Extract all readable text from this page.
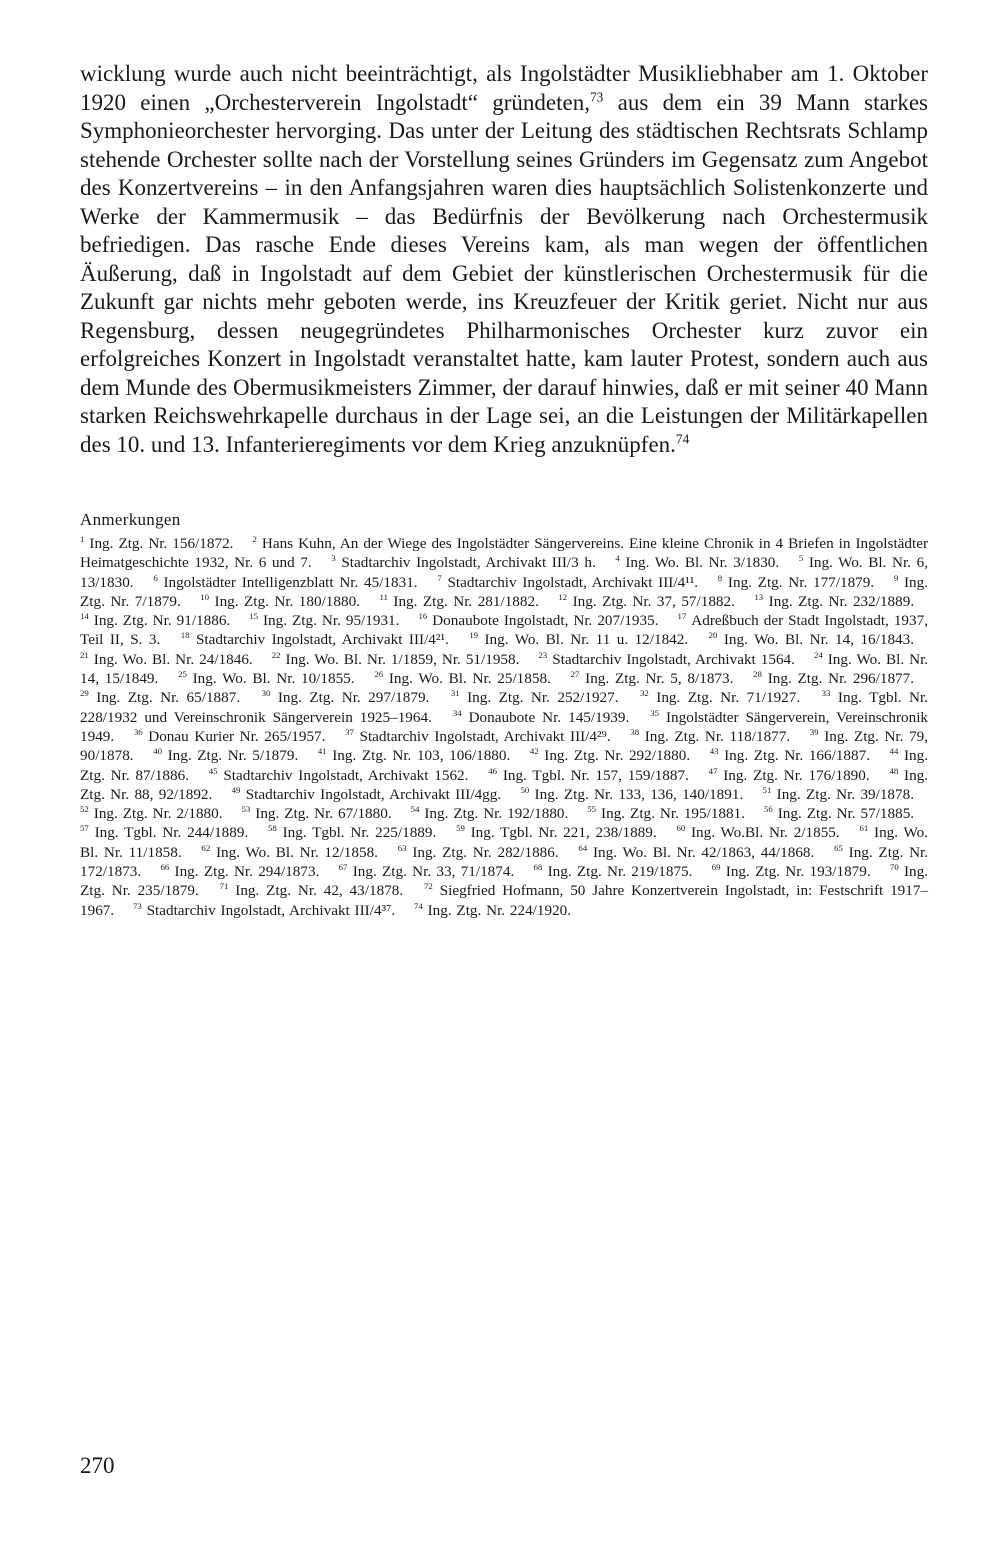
wicklung wurde auch nicht beeinträchtigt, als Ingolstädter Musikliebhaber am 1. Oktober 1920 einen „Orchesterverein Ingolstadt“ gründeten,$^{73}$ aus dem ein 39 Mann starkes Symphonieorchester hervorging. Das unter der Leitung des städtischen Rechtsrats Schlamp stehende Orchester sollte nach der Vorstellung seines Gründers im Gegensatz zum Angebot des Konzertvereins – in den Anfangsjahren waren dies hauptsächlich Solistenkonzerte und Werke der Kammermusik – das Bedürfnis der Bevölkerung nach Orchestermusik befriedigen. Das rasche Ende dieses Vereins kam, als man wegen der öffentlichen Äußerung, daß in Ingolstadt auf dem Gebiet der künstlerischen Orchestermusik für die Zukunft gar nichts mehr geboten werde, ins Kreuzfeuer der Kritik geriet. Nicht nur aus Regensburg, dessen neugegründetes Philharmonisches Orchester kurz zuvor ein erfolgreiches Konzert in Ingolstadt veranstaltet hatte, kam lauter Protest, sondern auch aus dem Munde des Obermusikmeisters Zimmer, der darauf hinwies, daß er mit seiner 40 Mann starken Reichswehrkapelle durchaus in der Lage sei, an die Leistungen der Militärkapellen des 10. und 13. Infanterieregiments vor dem Krieg anzuknüpfen.$^{74}$

Anmerkungen
$^1$ Ing. Ztg. Nr. 156/1872. $^2$ Hans Kuhn, An der Wiege des Ingolstädter Sängervereins. Eine kleine Chronik in 4 Briefen in Ingolstädter Heimatgeschichte 1932, Nr. 6 und 7. $^3$ Stadtarchiv Ingolstadt, Archivakt III/3 h. $^4$ Ing. Wo. Bl. Nr. 3/1830. $^5$ Ing. Wo. Bl. Nr. 6, 13/1830. $^6$ Ingolstädter Intelligenzblatt Nr. 45/1831. $^7$ Stadtarchiv Ingolstadt, Archivakt III/4¹¹. $^8$ Ing. Ztg. Nr. 177/1879. $^9$ Ing. Ztg. Nr. 7/1879. $^{10}$ Ing. Ztg. Nr. 180/1880. $^{11}$ Ing. Ztg. Nr. 281/1882. $^{12}$ Ing. Ztg. Nr. 37, 57/1882. $^{13}$ Ing. Ztg. Nr. 232/1889. $^{14}$ Ing. Ztg. Nr. 91/1886. $^{15}$ Ing. Ztg. Nr. 95/1931. $^{16}$ Donaubote Ingolstadt, Nr. 207/1935. $^{17}$ Adreßbuch der Stadt Ingolstadt, 1937, Teil II, S. 3. $^{18}$ Stadtarchiv Ingolstadt, Archivakt III/4²¹. $^{19}$ Ing. Wo. Bl. Nr. 11 u. 12/1842. $^{20}$ Ing. Wo. Bl. Nr. 14, 16/1843. $^{21}$ Ing. Wo. Bl. Nr. 24/1846. $^{22}$ Ing. Wo. Bl. Nr. 1/1859, Nr. 51/1958. $^{23}$ Stadtarchiv Ingolstadt, Archivakt 1564. $^{24}$ Ing. Wo. Bl. Nr. 14, 15/1849. $^{25}$ Ing. Wo. Bl. Nr. 10/1855. $^{26}$ Ing. Wo. Bl. Nr. 25/1858. $^{27}$ Ing. Ztg. Nr. 5, 8/1873. $^{28}$ Ing. Ztg. Nr. 296/1877. $^{29}$ Ing. Ztg. Nr. 65/1887. $^{30}$ Ing. Ztg. Nr. 297/1879. $^{31}$ Ing. Ztg. Nr. 252/1927. $^{32}$ Ing. Ztg. Nr. 71/1927. $^{33}$ Ing. Tgbl. Nr. 228/1932 und Vereinschronik Sängerverein 1925–1964. $^{34}$ Donaubote Nr. 145/1939. $^{35}$ Ingolstädter Sängerverein, Vereinschronik 1949. $^{36}$ Donau Kurier Nr. 265/1957. $^{37}$ Stadtarchiv Ingolstadt, Archivakt III/4²⁹. $^{38}$ Ing. Ztg. Nr. 118/1877. $^{39}$ Ing. Ztg. Nr. 79, 90/1878. $^{40}$ Ing. Ztg. Nr. 5/1879. $^{41}$ Ing. Ztg. Nr. 103, 106/1880. $^{42}$ Ing. Ztg. Nr. 292/1880. $^{43}$ Ing. Ztg. Nr. 166/1887. $^{44}$ Ing. Ztg. Nr. 87/1886. $^{45}$ Stadtarchiv Ingolstadt, Archivakt 1562. $^{46}$ Ing. Tgbl. Nr. 157, 159/1887. $^{47}$ Ing. Ztg. Nr. 176/1890. $^{48}$ Ing. Ztg. Nr. 88, 92/1892. $^{49}$ Stadtarchiv Ingolstadt, Archivakt III/4gg. $^{50}$ Ing. Ztg. Nr. 133, 136, 140/1891. $^{51}$ Ing. Ztg. Nr. 39/1878. $^{52}$ Ing. Ztg. Nr. 2/1880. $^{53}$ Ing. Ztg. Nr. 67/1880. $^{54}$ Ing. Ztg. Nr. 192/1880. $^{55}$ Ing. Ztg. Nr. 195/1881. $^{56}$ Ing. Ztg. Nr. 57/1885. $^{57}$ Ing. Tgbl. Nr. 244/1889. $^{58}$ Ing. Tgbl. Nr. 225/1889. $^{59}$ Ing. Tgbl. Nr. 221, 238/1889. $^{60}$ Ing. Wo.Bl. Nr. 2/1855. $^{61}$ Ing. Wo. Bl. Nr. 11/1858. $^{62}$ Ing. Wo. Bl. Nr. 12/1858. $^{63}$ Ing. Ztg. Nr. 282/1886. $^{64}$ Ing. Wo. Bl. Nr. 42/1863, 44/1868. $^{65}$ Ing. Ztg. Nr. 172/1873. $^{66}$ Ing. Ztg. Nr. 294/1873. $^{67}$ Ing. Ztg. Nr. 33, 71/1874. $^{68}$ Ing. Ztg. Nr. 219/1875. $^{69}$ Ing. Ztg. Nr. 193/1879. $^{70}$ Ing. Ztg. Nr. 235/1879. $^{71}$ Ing. Ztg. Nr. 42, 43/1878. $^{72}$ Siegfried Hofmann, 50 Jahre Konzertverein Ingolstadt, in: Festschrift 1917–1967. $^{73}$ Stadtarchiv Ingolstadt, Archivakt III/4³⁷. $^{74}$ Ing. Ztg. Nr. 224/1920.
270
